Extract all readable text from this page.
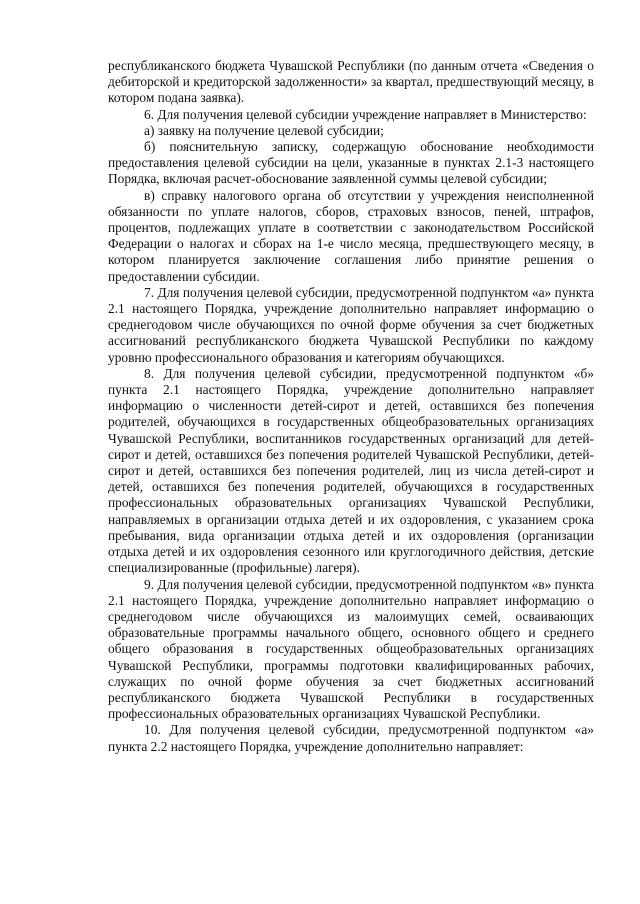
республиканского бюджета Чувашской Республики (по данным отчета «Сведения о дебиторской и кредиторской задолженности» за квартал, предшествующий месяцу, в котором подана заявка).

6. Для получения целевой субсидии учреждение направляет в Министерство:

а) заявку на получение целевой субсидии;

б) пояснительную записку, содержащую обоснование необходимости предоставления целевой субсидии на цели, указанные в пунктах 2.1-3 настоящего Порядка, включая расчет-обоснование заявленной суммы целевой субсидии;

в) справку налогового органа об отсутствии у учреждения неисполненной обязанности по уплате налогов, сборов, страховых взносов, пеней, штрафов, процентов, подлежащих уплате в соответствии с законодательством Российской Федерации о налогах и сборах на 1-е число месяца, предшествующего месяцу, в котором планируется заключение соглашения либо принятие решения о предоставлении субсидии.

7. Для получения целевой субсидии, предусмотренной подпунктом «а» пункта 2.1 настоящего Порядка, учреждение дополнительно направляет информацию о среднегодовом числе обучающихся по очной форме обучения за счет бюджетных ассигнований республиканского бюджета Чувашской Республики по каждому уровню профессионального образования и категориям обучающихся.

8. Для получения целевой субсидии, предусмотренной подпунктом «б» пункта 2.1 настоящего Порядка, учреждение дополнительно направляет информацию о численности детей-сирот и детей, оставшихся без попечения родителей, обучающихся в государственных общеобразовательных организациях Чувашской Республики, воспитанников государственных организаций для детей-сирот и детей, оставшихся без попечения родителей Чувашской Республики, детей-сирот и детей, оставшихся без попечения родителей, лиц из числа детей-сирот и детей, оставшихся без попечения родителей, обучающихся в государственных профессиональных образовательных организациях Чувашской Республики, направляемых в организации отдыха детей и их оздоровления, с указанием срока пребывания, вида организации отдыха детей и их оздоровления (организации отдыха детей и их оздоровления сезонного или круглогодичного действия, детские специализированные (профильные) лагеря).

9. Для получения целевой субсидии, предусмотренной подпунктом «в» пункта 2.1 настоящего Порядка, учреждение дополнительно направляет информацию о среднегодовом числе обучающихся из малоимущих семей, осваивающих образовательные программы начального общего, основного общего и среднего общего образования в государственных общеобразовательных организациях Чувашской Республики, программы подготовки квалифицированных рабочих, служащих по очной форме обучения за счет бюджетных ассигнований республиканского бюджета Чувашской Республики в государственных профессиональных образовательных организациях Чувашской Республики.

10. Для получения целевой субсидии, предусмотренной подпунктом «а» пункта 2.2 настоящего Порядка, учреждение дополнительно направляет:
